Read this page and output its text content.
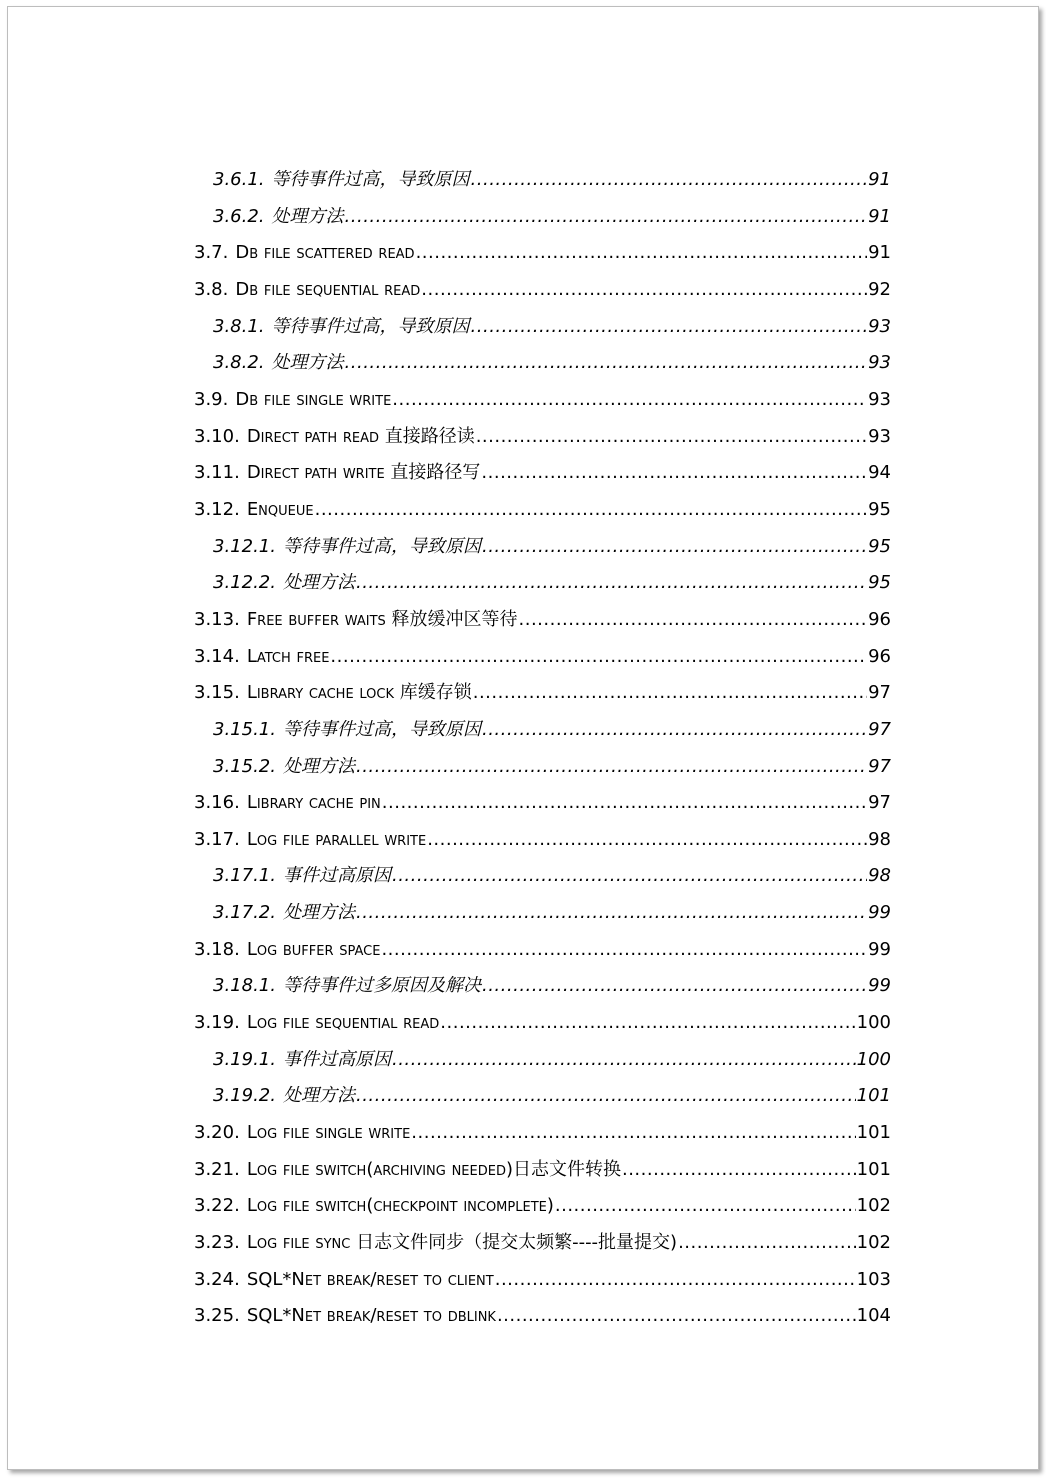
3.6.1. 等待事件过高，导致原因 .....	91
3.6.2. 处理方法 .....	91
3.7. Db file scattered read .....	91
3.8. Db file sequential read .....	92
3.8.1. 等待事件过高，导致原因 .....	93
3.8.2. 处理方法 .....	93
3.9. Db file single write .....	93
3.10. Direct path read 直接路径读 .....	93
3.11. Direct path write 直接路径写 .....	94
3.12. Enqueue .....	95
3.12.1. 等待事件过高，导致原因 .....	95
3.12.2. 处理方法 .....	95
3.13. Free buffer waits 释放缓冲区等待 .....	96
3.14. Latch free .....	96
3.15. Library cache lock 库缓存锁 .....	97
3.15.1. 等待事件过高，导致原因 .....	97
3.15.2. 处理方法 .....	97
3.16. Library cache pin .....	97
3.17. Log file parallel write .....	98
3.17.1. 事件过高原因 .....	98
3.17.2. 处理方法 .....	99
3.18. Log buffer space .....	99
3.18.1. 等待事件过多原因及解决 .....	99
3.19. Log file sequential read .....	100
3.19.1. 事件过高原因 .....	100
3.19.2. 处理方法 .....	101
3.20. Log file single write .....	101
3.21. Log file switch(archiving needed)日志文件转换 .....	101
3.22. Log file switch(checkpoint incomplete) .....	102
3.23. Log file sync 日志文件同步（提交太频繁----批量提交) .....	102
3.24. SQL*Net break/reset to client .....	103
3.25. SQL*Net break/reset to dblink .....	104
